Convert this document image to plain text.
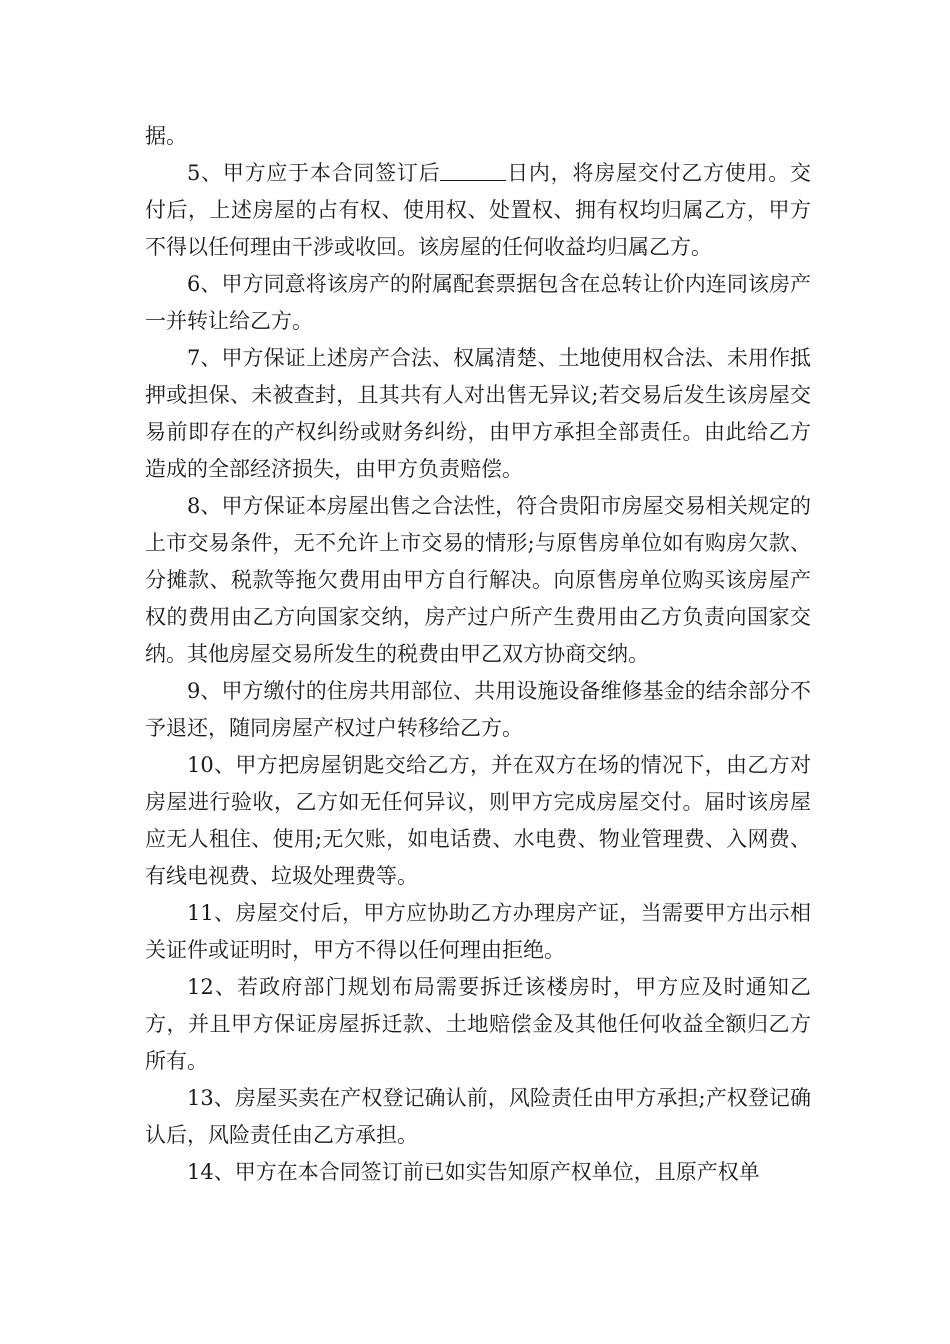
据。

5、甲方应于本合同签订后	日内，将房屋交付乙方使用。交付后，上述房屋的占有权、使用权、处置权、拥有权均归属乙方，甲方不得以任何理由干涉或收回。该房屋的任何收益均归属乙方。

6、甲方同意将该房产的附属配套票据包含在总转让价内连同该房产一并转让给乙方。

7、甲方保证上述房产合法、权属清楚、土地使用权合法、未用作抵押或担保、未被查封，且其共有人对出售无异议;若交易后发生该房屋交易前即存在的产权纠纷或财务纠纷，由甲方承担全部责任。由此给乙方造成的全部经济损失，由甲方负责赔偿。

8、甲方保证本房屋出售之合法性，符合贵阳市房屋交易相关规定的上市交易条件，无不允许上市交易的情形;与原售房单位如有购房欠款、分摊款、税款等拖欠费用由甲方自行解决。向原售房单位购买该房屋产权的费用由乙方向国家交纳，房产过户所产生费用由乙方负责向国家交纳。其他房屋交易所发生的税费由甲乙双方协商交纳。

9、甲方缴付的住房共用部位、共用设施设备维修基金的结余部分不予退还，随同房屋产权过户转移给乙方。

10、甲方把房屋钥匙交给乙方，并在双方在场的情况下，由乙方对房屋进行验收，乙方如无任何异议，则甲方完成房屋交付。届时该房屋应无人租住、使用;无欠账，如电话费、水电费、物业管理费、入网费、有线电视费、垃圾处理费等。

11、房屋交付后，甲方应协助乙方办理房产证，当需要甲方出示相关证件或证明时，甲方不得以任何理由拒绝。

12、若政府部门规划布局需要拆迁该楼房时，甲方应及时通知乙方，并且甲方保证房屋拆迁款、土地赔偿金及其他任何收益全额归乙方所有。

13、房屋买卖在产权登记确认前，风险责任由甲方承担;产权登记确认后，风险责任由乙方承担。

14、甲方在本合同签订前已如实告知原产权单位，且原产权单
